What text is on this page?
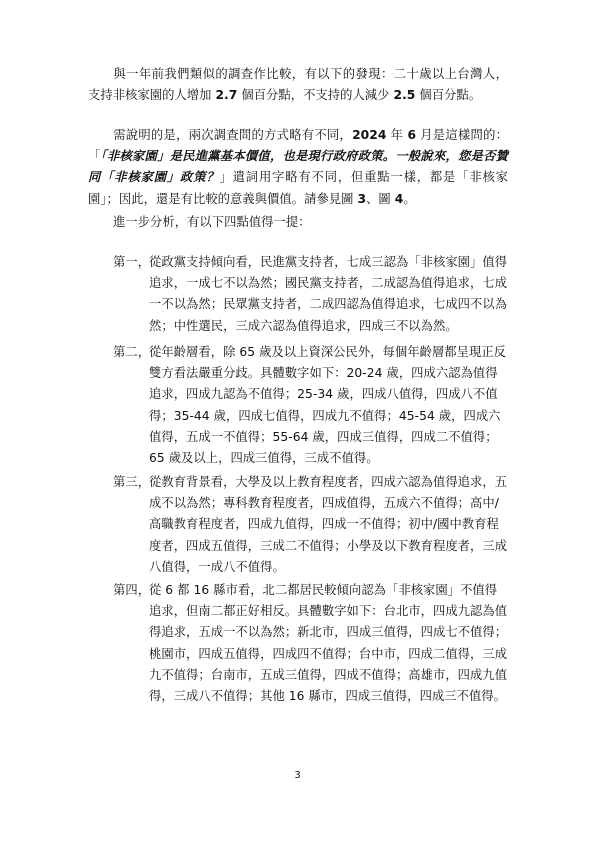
與一年前我們類似的調查作比較，有以下的發現：二十歲以上台灣人，支持非核家園的人增加 2.7 個百分點，不支持的人減少 2.5 個百分點。
需說明的是，兩次調查問的方式略有不同，2024 年 6 月是這樣問的：「「非核家園」是民進黨基本價值，也是現行政府政策。一般說來，您是否贊同「非核家園」政策？」遣詞用字略有不同，但重點一樣，都是「非核家園」；因此，還是有比較的意義與價值。請參見圖 3、圖 4。
進一步分析，有以下四點值得一提：
第一，
從政黨支持傾向看，民進黨支持者，七成三認為「非核家園」值得追求，一成七不以為然；國民黨支持者，二成認為值得追求，七成一不以為然；民眾黨支持者，二成四認為值得追求，七成四不以為然；中性選民，三成六認為值得追求，四成三不以為然。
第二，
從年齡層看，除 65 歲及以上資深公民外，每個年齡層都呈現正反雙方看法嚴重分歧。具體數字如下：20-24 歲，四成六認為值得追求，四成九認為不值得；25-34 歲，四成八值得，四成八不值得；35-44 歲，四成七值得，四成九不值得；45-54 歲，四成六值得，五成一不值得；55-64 歲，四成三值得，四成二不值得；65 歲及以上，四成三值得，三成不值得。
第三，
從教育背景看，大學及以上教育程度者，四成六認為值得追求，五成不以為然；專科教育程度者，四成值得，五成六不值得；高中/高職教育程度者，四成九值得，四成一不值得；初中/國中教育程度者，四成五值得，三成二不值得；小學及以下教育程度者，三成八值得，一成八不值得。
第四，
從 6 都 16 縣市看，北二都居民較傾向認為「非核家園」不值得追求，但南二都正好相反。具體數字如下：台北市，四成九認為值得追求，五成一不以為然；新北市，四成三值得，四成七不值得；桃園市，四成五值得，四成四不值得；台中市，四成二值得，三成九不值得；台南市，五成三值得，四成不值得；高雄市，四成九值得，三成八不值得；其他 16 縣市，四成三值得，四成三不值得。
3
